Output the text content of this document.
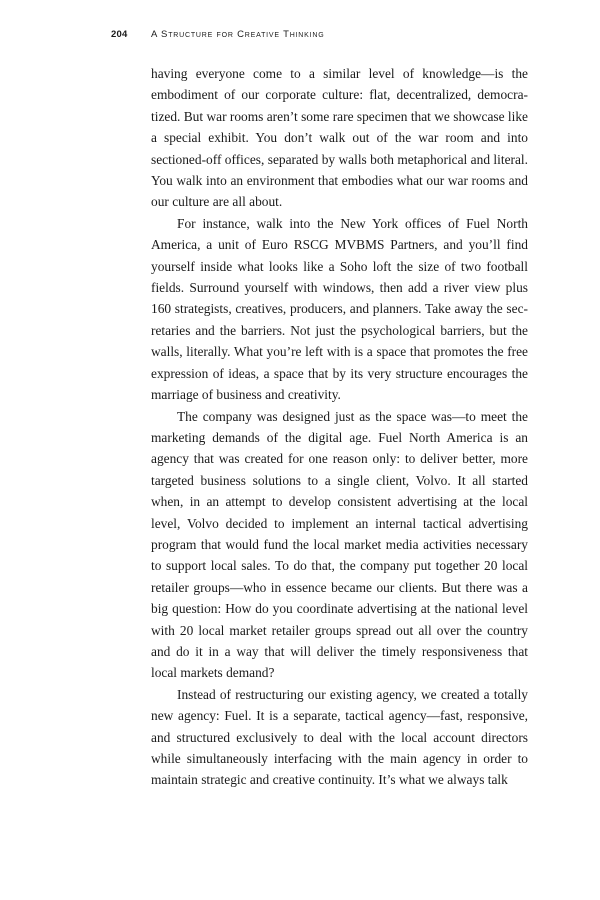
204 A Structure for Creative Thinking

having everyone come to a similar level of knowledge—is the embodiment of our corporate culture: flat, decentralized, democratized. But war rooms aren’t some rare specimen that we showcase like a special exhibit. You don’t walk out of the war room and into sectioned-off offices, separated by walls both metaphorical and literal. You walk into an environment that embodies what our war rooms and our culture are all about.

For instance, walk into the New York offices of Fuel North America, a unit of Euro RSCG MVBMS Partners, and you’ll find yourself inside what looks like a Soho loft the size of two football fields. Surround yourself with windows, then add a river view plus 160 strategists, creatives, producers, and planners. Take away the secretaries and the barriers. Not just the psychological barriers, but the walls, literally. What you’re left with is a space that promotes the free expression of ideas, a space that by its very structure encourages the marriage of business and creativity.

The company was designed just as the space was—to meet the marketing demands of the digital age. Fuel North America is an agency that was created for one reason only: to deliver better, more targeted business solutions to a single client, Volvo. It all started when, in an attempt to develop consistent advertising at the local level, Volvo decided to implement an internal tactical advertising program that would fund the local market media activities necessary to support local sales. To do that, the company put together 20 local retailer groups—who in essence became our clients. But there was a big question: How do you coordinate advertising at the national level with 20 local market retailer groups spread out all over the country and do it in a way that will deliver the timely responsiveness that local markets demand?

Instead of restructuring our existing agency, we created a totally new agency: Fuel. It is a separate, tactical agency—fast, responsive, and structured exclusively to deal with the local account directors while simultaneously interfacing with the main agency in order to maintain strategic and creative continuity. It’s what we always talk
